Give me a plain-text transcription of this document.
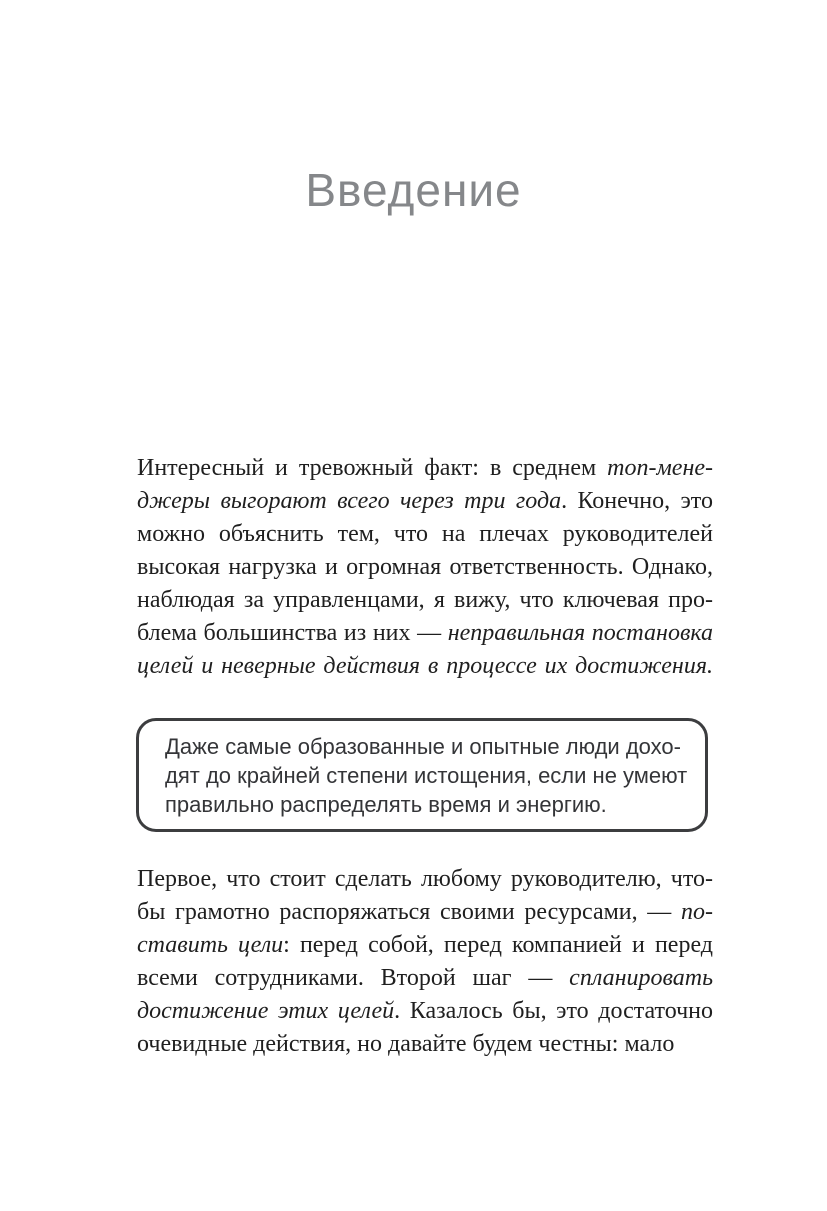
Введение
Интересный и тревожный факт: в среднем топ-мене-
джеры выгорают всего через три года. Конечно, это
можно объяснить тем, что на плечах руководителей
высокая нагрузка и огромная ответственность. Однако,
наблюдая за управленцами, я вижу, что ключевая про-
блема большинства из них — неправильная постановка
целей и неверные действия в процессе их достижения.
Даже самые образованные и опытные люди дохо-
дят до крайней степени истощения, если не умеют
правильно распределять время и энергию.
Первое, что стоит сделать любому руководителю, что-
бы грамотно распоряжаться своими ресурсами, — по-
ставить цели: перед собой, перед компанией и перед
всеми сотрудниками. Второй шаг — спланировать
достижение этих целей. Казалось бы, это достаточно
очевидные действия, но давайте будем честны: мало
